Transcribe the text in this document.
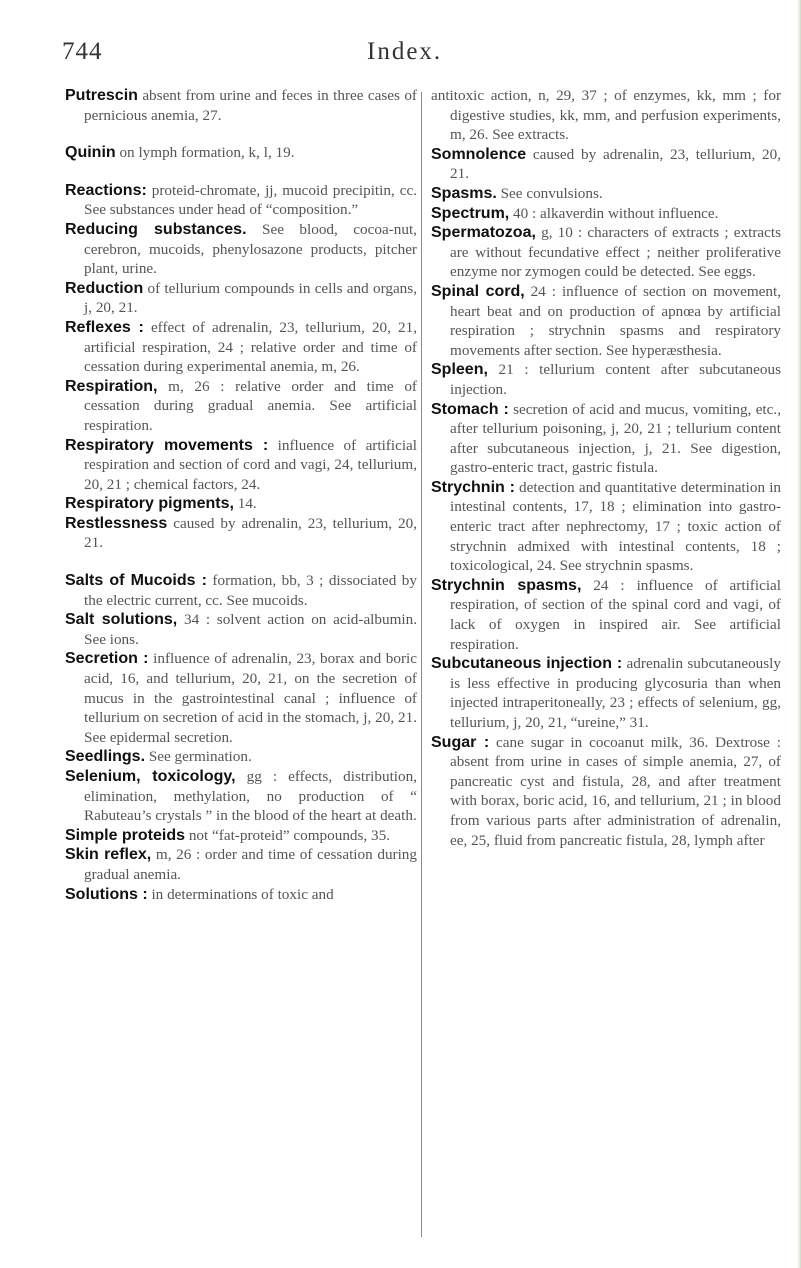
744	Index.

Putrescin absent from urine and feces in three cases of pernicious anemia, 27.

Quinin on lymph formation, k, l, 19.

Reactions: proteid-chromate, jj, mucoid precipitin, cc. See substances under head of “composition.”

Reducing substances. See blood, cocoa-nut, cerebron, mucoids, phenylosazone products, pitcher plant, urine.

Reduction of tellurium compounds in cells and organs, j, 20, 21.

Reflexes : effect of adrenalin, 23, tellurium, 20, 21, artificial respiration, 24 ; relative order and time of cessation during experimental anemia, m, 26.

Respiration, m, 26 : relative order and time of cessation during gradual anemia. See artificial respiration.

Respiratory movements : influence of artificial respiration and section of cord and vagi, 24, tellurium, 20, 21 ; chemical factors, 24.

Respiratory pigments, 14.

Restlessness caused by adrenalin, 23, tellurium, 20, 21.

Salts of Mucoids : formation, bb, 3 ; dissociated by the electric current, cc. See mucoids.

Salt solutions, 34 : solvent action on acid-albumin. See ions.

Secretion : influence of adrenalin, 23, borax and boric acid, 16, and tellurium, 20, 21, on the secretion of mucus in the gastrointestinal canal ; influence of tellurium on secretion of acid in the stomach, j, 20, 21. See epidermal secretion.

Seedlings. See germination.

Selenium, toxicology, gg : effects, distribution, elimination, methylation, no production of “ Rabuteau’s crystals ” in the blood of the heart at death.

Simple proteids not “fat-proteid” compounds, 35.

Skin reflex, m, 26 : order and time of cessation during gradual anemia.

Solutions : in determinations of toxic and

antitoxic action, n, 29, 37 ; of enzymes, kk, mm ; for digestive studies, kk, mm, and perfusion experiments, m, 26. See extracts.

Somnolence caused by adrenalin, 23, tellurium, 20, 21.

Spasms. See convulsions.

Spectrum, 40 : alkaverdin without influence.

Spermatozoa, g, 10 : characters of extracts ; extracts are without fecundative effect ; neither proliferative enzyme nor zymogen could be detected. See eggs.

Spinal cord, 24 : influence of section on movement, heart beat and on production of apnœa by artificial respiration ; strychnin spasms and respiratory movements after section. See hyperæsthesia.

Spleen, 21 : tellurium content after subcutaneous injection.

Stomach : secretion of acid and mucus, vomiting, etc., after tellurium poisoning, j, 20, 21 ; tellurium content after subcutaneous injection, j, 21. See digestion, gastro-enteric tract, gastric fistula.

Strychnin : detection and quantitative determination in intestinal contents, 17, 18 ; elimination into gastro-enteric tract after nephrectomy, 17 ; toxic action of strychnin admixed with intestinal contents, 18 ; toxicological, 24. See strychnin spasms.

Strychnin spasms, 24 : influence of artificial respiration, of section of the spinal cord and vagi, of lack of oxygen in inspired air. See artificial respiration.

Subcutaneous injection : adrenalin subcutaneously is less effective in producing glycosuria than when injected intraperitoneally, 23 ; effects of selenium, gg, tellurium, j, 20, 21, “ureine,” 31.

Sugar : cane sugar in cocoanut milk, 36. Dextrose : absent from urine in cases of simple anemia, 27, of pancreatic cyst and fistula, 28, and after treatment with borax, boric acid, 16, and tellurium, 21 ; in blood from various parts after administration of adrenalin, ee, 25, fluid from pancreatic fistula, 28, lymph after
